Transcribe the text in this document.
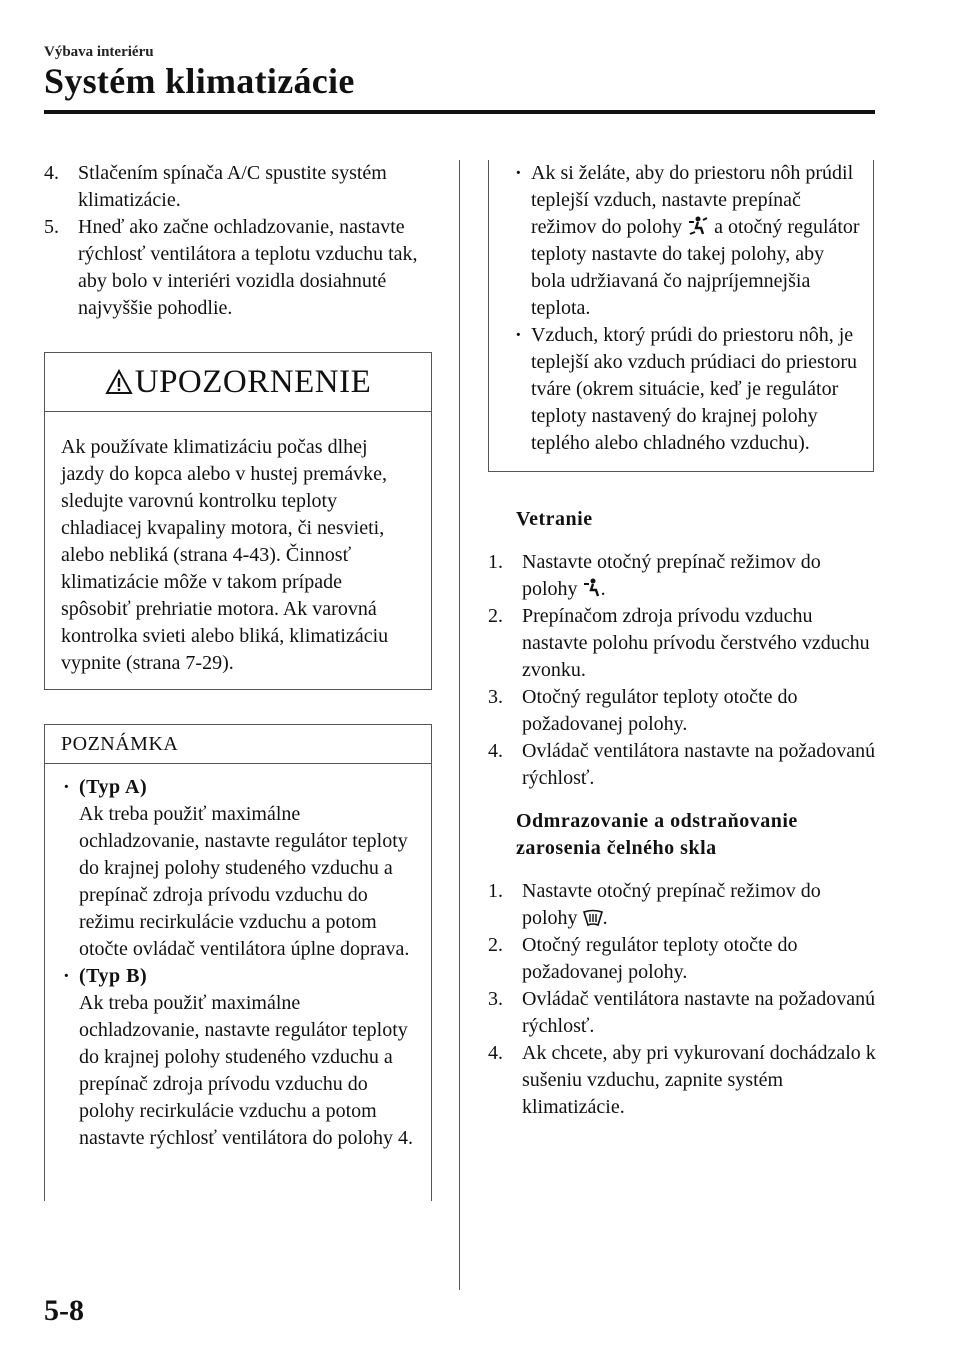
Výbava interiéru
Systém klimatizácie
4. Stlačením spínača A/C spustite systém klimatizácie.
5. Hneď ako začne ochladzovanie, nastavte rýchlosť ventilátora a teplotu vzduchu tak, aby bolo v interiéri vozidla dosiahnuté najvyššie pohodlie.
UPOZORNENIE
Ak používate klimatizáciu počas dlhej jazdy do kopca alebo v hustej premávke, sledujte varovnú kontrolku teploty chladiacej kvapaliny motora, či nesvieti, alebo nebliká (strana 4-43). Činnosť klimatizácie môže v takom prípade spôsobiť prehriatie motora. Ak varovná kontrolka svieti alebo bliká, klimatizáciu vypnite (strana 7-29).
POZNÁMKA
· (Typ A)
Ak treba použiť maximálne ochladzovanie, nastavte regulátor teploty do krajnej polohy studeného vzduchu a prepínač zdroja prívodu vzduchu do režimu recirkulácie vzduchu a potom otočte ovládač ventilátora úplne doprava.
· (Typ B)
Ak treba použiť maximálne ochladzovanie, nastavte regulátor teploty do krajnej polohy studeného vzduchu a prepínač zdroja prívodu vzduchu do polohy recirkulácie vzduchu a potom nastavte rýchlosť ventilátora do polohy 4.
· Ak si želáte, aby do priestoru nôh prúdil teplejší vzduch, nastavte prepínač režimov do polohy  a otočný regulátor teploty nastavte do takej polohy, aby bola udržiavaná čo najpríjemnejšia teplota.
· Vzduch, ktorý prúdi do priestoru nôh, je teplejší ako vzduch prúdiaci do priestoru tváre (okrem situácie, keď je regulátor teploty nastavený do krajnej polohy teplého alebo chladného vzduchu).
Vetranie
1. Nastavte otočný prepínač režimov do polohy .
2. Prepínačom zdroja prívodu vzduchu nastavte polohu prívodu čerstvého vzduchu zvonku.
3. Otočný regulátor teploty otočte do požadovanej polohy.
4. Ovládač ventilátora nastavte na požadovanú rýchlosť.
Odmrazovanie a odstraňovanie
zarosenia čelného skla
1. Nastavte otočný prepínač režimov do polohy .
2. Otočný regulátor teploty otočte do požadovanej polohy.
3. Ovládač ventilátora nastavte na požadovanú rýchlosť.
4. Ak chcete, aby pri vykurovaní dochádzalo k sušeniu vzduchu, zapnite systém klimatizácie.
5-8
